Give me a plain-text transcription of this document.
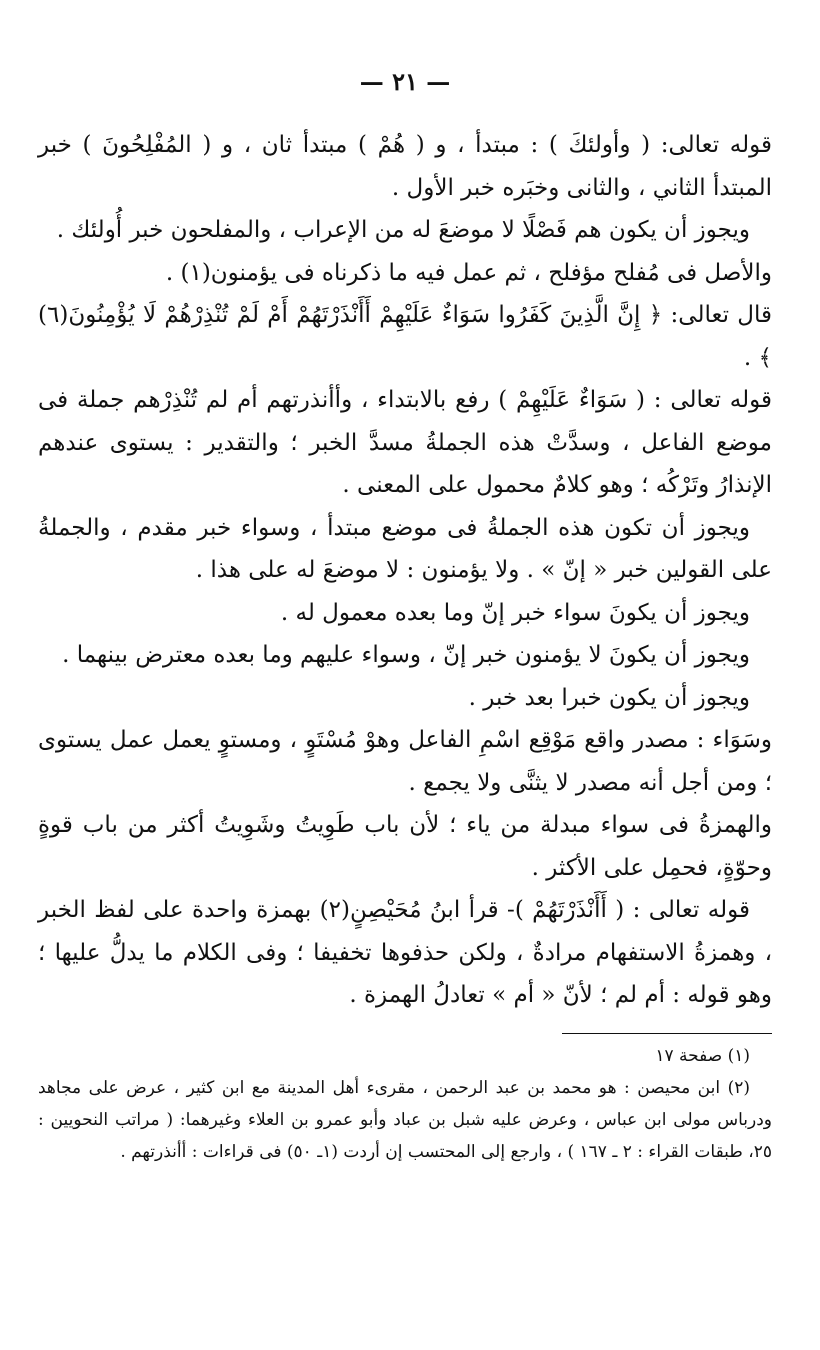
— ٢١ —

قوله تعالى: ( وأولئكَ ) : مبتدأ ، و ( هُمْ ) مبتدأ ثان ، و ( المُفْلِحُونَ ) خبر المبتدأ الثاني ، والثانى وخبَره خبر الأول .

ويجوز أن يكون هم فَصْلًا لا موضعَ له من الإعراب ، والمفلحون خبر أُولئك .

والأصل فى مُفلح مؤفلح ، ثم عمل فيه ما ذكرناه فى يؤمنون(١) .

قال تعالى: ﴿ إِنَّ الَّذِينَ كَفَرُوا سَوَاءٌ عَلَيْهِمْ أَأَنْذَرْتَهُمْ أَمْ لَمْ تُنْذِرْهُمْ لَا يُؤْمِنُونَ(٦) ﴾ .

قوله تعالى : ( سَوَاءٌ عَلَيْهِمْ ) رفع بالابتداء ، وأأنذرتهم أم لم تُنْذِرْهم جملة فى موضع الفاعل ، وسدَّتْ هذه الجملةُ مسدَّ الخبر ؛ والتقدير : يستوى عندهم الإنذارُ وتَرْكُه ؛ وهو كلامٌ محمول على المعنى .

ويجوز أن تكون هذه الجملةُ فى موضع مبتدأ ، وسواء خبر مقدم ، والجملةُ على القولين خبر « إنّ » . ولا يؤمنون : لا موضعَ له على هذا .

ويجوز أن يكونَ سواء خبر إنّ وما بعده معمول له .

ويجوز أن يكونَ لا يؤمنون خبر إنّ ، وسواء عليهم وما بعده معترض بينهما .

ويجوز أن يكون خبرا بعد خبر .

وسَوَاء : مصدر واقع مَوْقِع اسْمِ الفاعل وهوْ مُسْتَوٍ ، ومستوٍ يعمل عمل يستوى ؛ ومن أجل أنه مصدر لا يثنَّى ولا يجمع .

والهمزةُ فى سواء مبدلة من ياء ؛ لأن باب طَوِيتُ وشَوِيتُ أكثر من باب قوةٍ وحوّةٍ، فحمِل على الأكثر .

قوله تعالى : ( أَأَنْذَرْتَهُمْ )- قرأ ابنُ مُحَيْصِنٍ(٢) بهمزة واحدة على لفظ الخبر ، وهمزةُ الاستفهام مرادةٌ ، ولكن حذفوها تخفيفا ؛ وفى الكلام ما يدلُّ عليها ؛ وهو قوله : أم لم ؛ لأنّ « أم » تعادلُ الهمزة .

(١) صفحة ١٧

(٢) ابن محيصن : هو محمد بن عبد الرحمن ، مقرىء أهل المدينة مع ابن كثير ، عرض على مجاهد ودرباس مولى ابن عباس ، وعرض عليه شبل بن عباد وأبو عمرو بن العلاء وغيرهما: ( مراتب النحويين : ٢٥، طبقات القراء : ٢ ـ ١٦٧ ) ، وارجع إلى المحتسب إن أردت (١ـ ٥٠) فى قراءات : أأنذرتهم .
